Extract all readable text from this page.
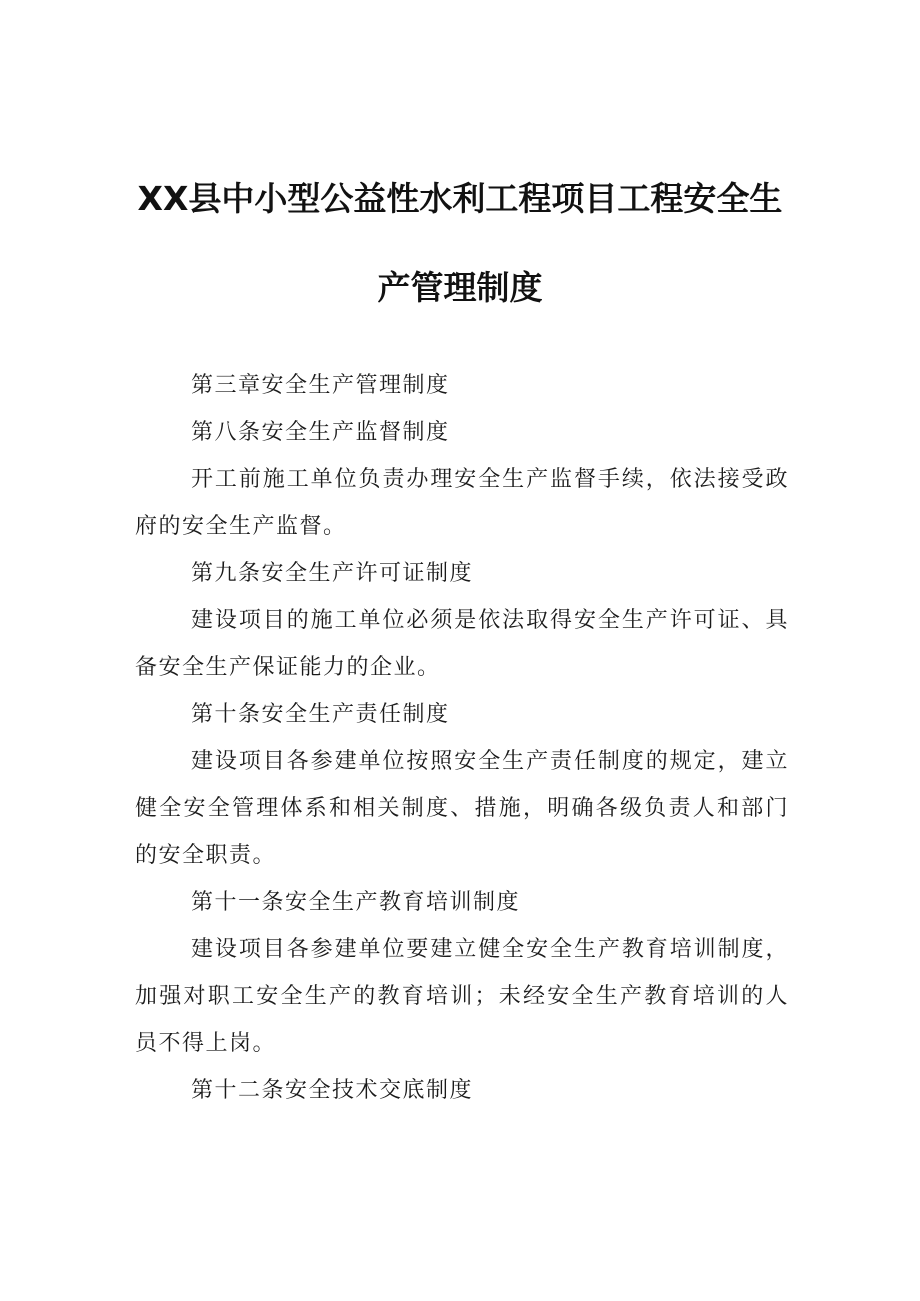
XX县中小型公益性水利工程项目工程安全生
产管理制度

第三章安全生产管理制度

第八条安全生产监督制度

开工前施工单位负责办理安全生产监督手续，依法接受政府的安全生产监督。

第九条安全生产许可证制度

建设项目的施工单位必须是依法取得安全生产许可证、具备安全生产保证能力的企业。

第十条安全生产责任制度

建设项目各参建单位按照安全生产责任制度的规定，建立健全安全管理体系和相关制度、措施，明确各级负责人和部门的安全职责。

第十一条安全生产教育培训制度

建设项目各参建单位要建立健全安全生产教育培训制度，加强对职工安全生产的教育培训；未经安全生产教育培训的人员不得上岗。

第十二条安全技术交底制度
